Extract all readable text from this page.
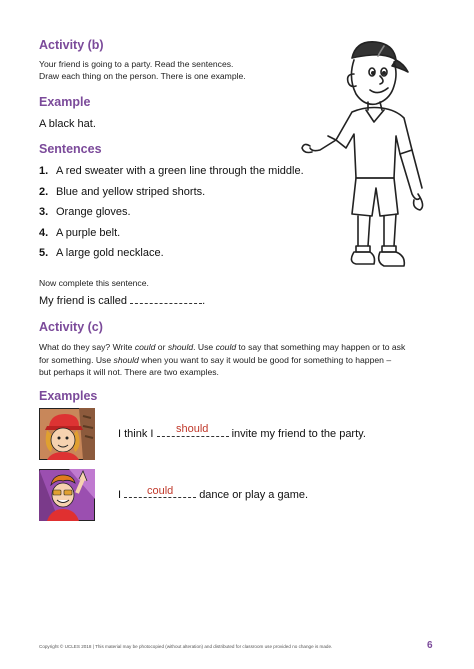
Activity (b)
Your friend is going to a party. Read the sentences.
Draw each thing on the person. There is one example.
Example
A black hat.
Sentences
1. A red sweater with a green line through the middle.
2. Blue and yellow striped shorts.
3. Orange gloves.
4. A purple belt.
5. A large gold necklace.
Now complete this sentence.
My friend is called	.
Activity (c)
What do they say? Write could or should. Use could to say that something may happen or to ask
for something. Use should when you want to say it would be good for something to happen –
but perhaps it will not. There are two examples.
Examples
I think I	invite my friend to the party.
should
I	dance or play a game.
could
Copyright © UCLES 2018 | This material may be photocopied (without alteration) and distributed for classroom use provided no change is made.	6
